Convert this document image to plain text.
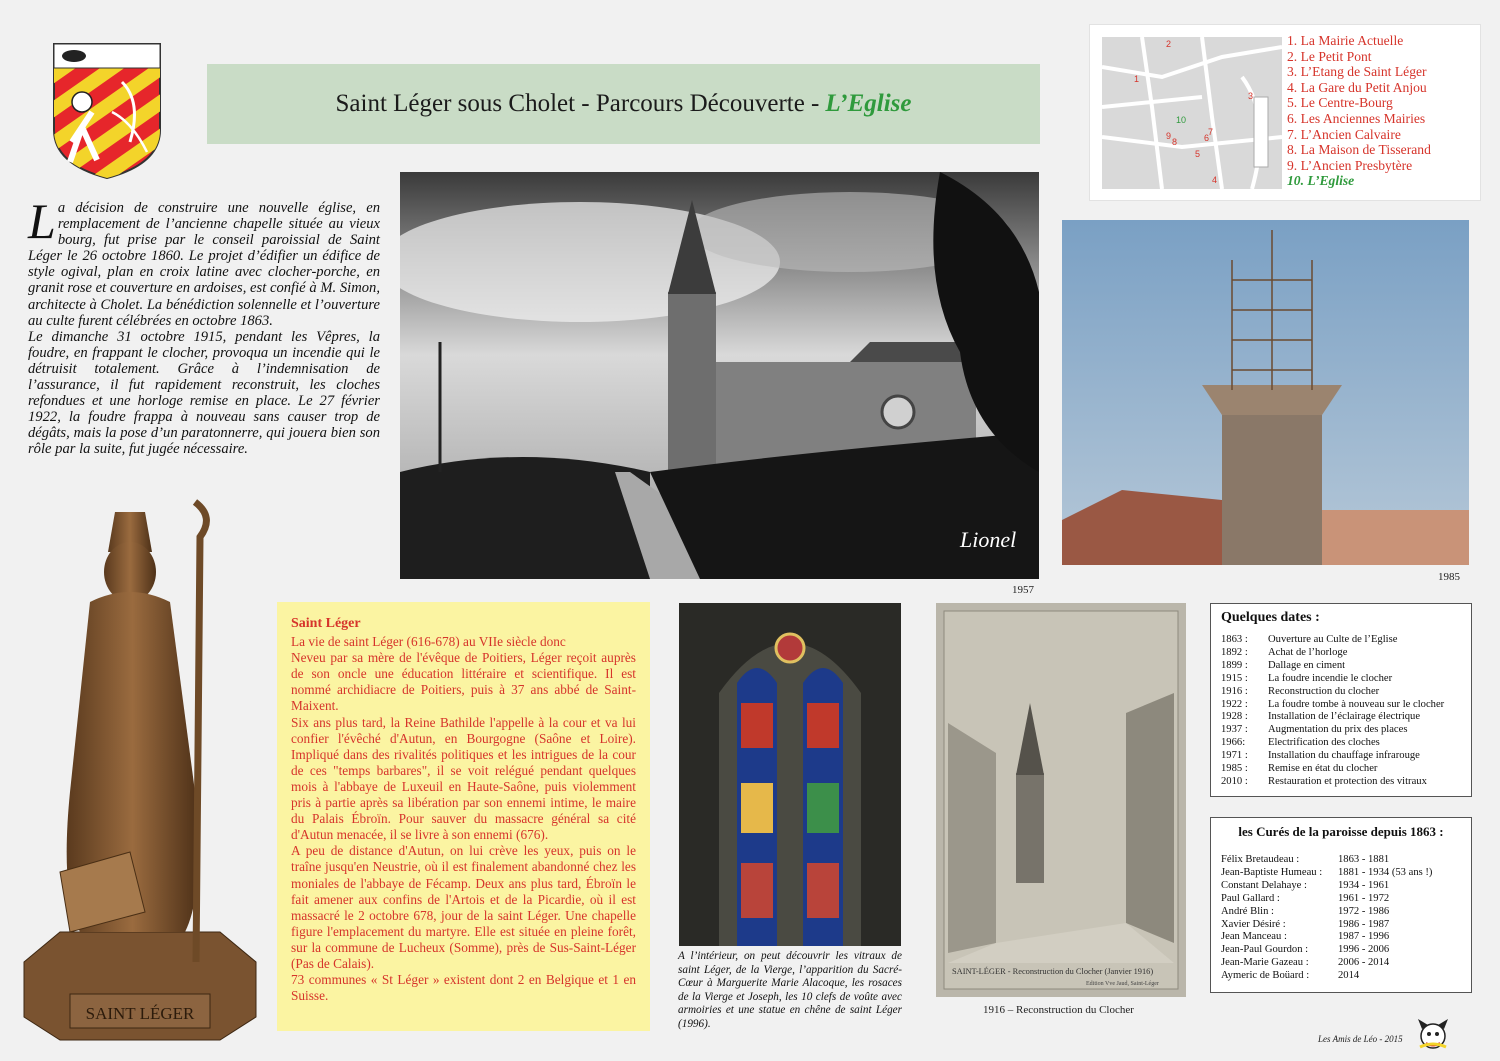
Saint Léger sous Cholet - Parcours Découverte - L’Eglise
La décision de construire une nouvelle église, en remplacement de l’ancienne chapelle située au vieux bourg, fut prise par le conseil paroissial de Saint Léger le 26 octobre 1860. Le projet d’édifier un édifice de style ogival, plan en croix latine avec clocher-porche, en granit rose et couverture en ardoises, est confié à M. Simon, architecte à Cholet. La bénédiction solennelle et l’ouverture au culte furent célébrées en octobre 1863.
Le dimanche 31 octobre 1915, pendant les Vêpres, la foudre, en frappant le clocher, provoqua un incendie qui le détruisit totalement. Grâce à l’indemnisation de l’assurance, il fut rapidement reconstruit, les cloches refondues et une horloge remise en place. Le 27 février 1922, la foudre frappa à nouveau sans causer trop de dégâts, mais la pose d’un paratonnerre, qui jouera bien son rôle par la suite, fut jugée nécessaire.
SAINT LÉGER
Lionel
1957
1985
1
2
3
4
5
6
7
8
9
10
1. La Mairie Actuelle
2. Le Petit Pont
3. L’Etang de Saint Léger
4. La Gare du Petit Anjou
5. Le Centre-Bourg
6. Les Anciennes Mairies
7. L’Ancien Calvaire
8. La Maison de Tisserand
9. L’Ancien Presbytère
10. L’Eglise
Saint Léger

La vie de saint Léger (616-678) au VIIe siècle donc

Neveu par sa mère de l'évêque de Poitiers, Léger reçoit auprès de son oncle une éducation littéraire et scientifique. Il est nommé archidiacre de Poitiers, puis à 37 ans abbé de Saint-Maixent.

Six ans plus tard, la Reine Bathilde l'appelle à la cour et va lui confier l'évêché d'Autun, en Bourgogne (Saône et Loire). Impliqué dans des rivalités politiques et les intrigues de la cour de ces "temps barbares", il se voit relégué pendant quelques mois à l'abbaye de Luxeuil en Haute-Saône, puis violemment pris à partie après sa libération par son ennemi intime, le maire du Palais Ébroïn. Pour sauver du massacre général sa cité d'Autun menacée, il se livre à son ennemi (676).

A peu de distance d'Autun, on lui crève les yeux, puis on le traîne jusqu'en Neustrie, où il est finalement abandonné chez les moniales de l'abbaye de Fécamp. Deux ans plus tard, Ébroïn le fait amener aux confins de l'Artois et de la Picardie, où il est massacré le 2 octobre 678, jour de la saint Léger. Une chapelle figure l'emplacement du martyre. Elle est située en pleine forêt, sur la commune de Lucheux (Somme), près de Sus-Saint-Léger (Pas de Calais).

73 communes « St Léger » existent dont 2 en Belgique et 1 en Suisse.

A l’intérieur, on peut découvrir les vitraux de saint Léger, de la Vierge, l’apparition du Sacré-Cœur à Marguerite Marie Alacoque, les rosaces de la Vierge et Joseph, les 10 clefs de voûte avec armoiries et une statue en chêne de saint Léger (1996).
SAINT-LÉGER - Reconstruction du Clocher (Janvier 1916)
Edition Vve Jaud, Saint-Léger
1916 – Reconstruction du Clocher
Quelques dates :
1863 :	Ouverture au Culte de l’Eglise
1892 :	Achat de l’horloge
1899 :	Dallage en ciment
1915 :	La foudre incendie le clocher
1916 :	Reconstruction du clocher
1922 :	La foudre tombe à nouveau sur le clocher
1928 :	Installation de l’éclairage électrique
1937 :	Augmentation du prix des places
1966:	Electrification des cloches
1971 :	Installation du chauffage infrarouge
1985 :	Remise en état du clocher
2010 :	Restauration et protection des vitraux
les Curés de la paroisse depuis 1863 :
Félix Bretaudeau :	1863 - 1881
Jean-Baptiste Humeau :	1881 - 1934 (53 ans !)
Constant Delahaye :	1934 - 1961
Paul Gallard :	1961 - 1972
André Blin :	1972 - 1986
Xavier Désiré :	1986 - 1987
Jean Manceau :	1987 - 1996
Jean-Paul Gourdon :	1996 - 2006
Jean-Marie Gazeau :	2006 - 2014
Aymeric de Boüard :	2014
Les Amis de Léo - 2015
